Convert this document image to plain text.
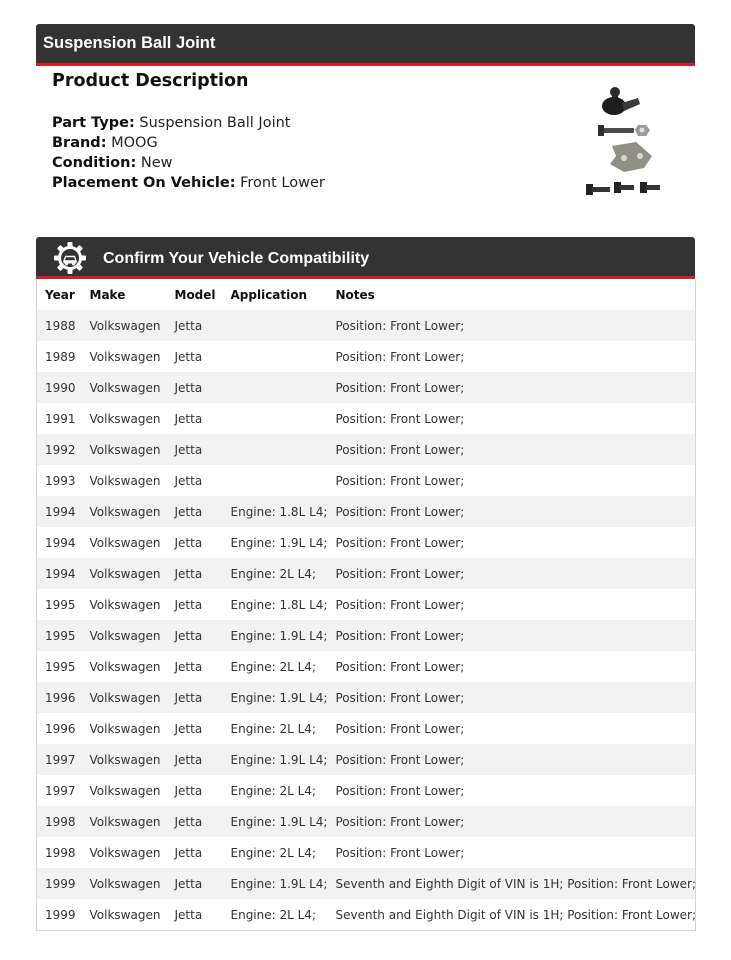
Suspension Ball Joint
Product Description
Part Type: Suspension Ball Joint
Brand: MOOG
Condition: New
Placement On Vehicle: Front Lower
Confirm Your Vehicle Compatibility
Year	Make	Model	Application	Notes
1988	Volkswagen	Jetta		Position: Front Lower;
1989	Volkswagen	Jetta		Position: Front Lower;
1990	Volkswagen	Jetta		Position: Front Lower;
1991	Volkswagen	Jetta		Position: Front Lower;
1992	Volkswagen	Jetta		Position: Front Lower;
1993	Volkswagen	Jetta		Position: Front Lower;
1994	Volkswagen	Jetta	Engine: 1.8L L4;	Position: Front Lower;
1994	Volkswagen	Jetta	Engine: 1.9L L4;	Position: Front Lower;
1994	Volkswagen	Jetta	Engine: 2L L4;	Position: Front Lower;
1995	Volkswagen	Jetta	Engine: 1.8L L4;	Position: Front Lower;
1995	Volkswagen	Jetta	Engine: 1.9L L4;	Position: Front Lower;
1995	Volkswagen	Jetta	Engine: 2L L4;	Position: Front Lower;
1996	Volkswagen	Jetta	Engine: 1.9L L4;	Position: Front Lower;
1996	Volkswagen	Jetta	Engine: 2L L4;	Position: Front Lower;
1997	Volkswagen	Jetta	Engine: 1.9L L4;	Position: Front Lower;
1997	Volkswagen	Jetta	Engine: 2L L4;	Position: Front Lower;
1998	Volkswagen	Jetta	Engine: 1.9L L4;	Position: Front Lower;
1998	Volkswagen	Jetta	Engine: 2L L4;	Position: Front Lower;
1999	Volkswagen	Jetta	Engine: 1.9L L4;	Seventh and Eighth Digit of VIN is 1H; Position: Front Lower;
1999	Volkswagen	Jetta	Engine: 2L L4;	Seventh and Eighth Digit of VIN is 1H; Position: Front Lower;
